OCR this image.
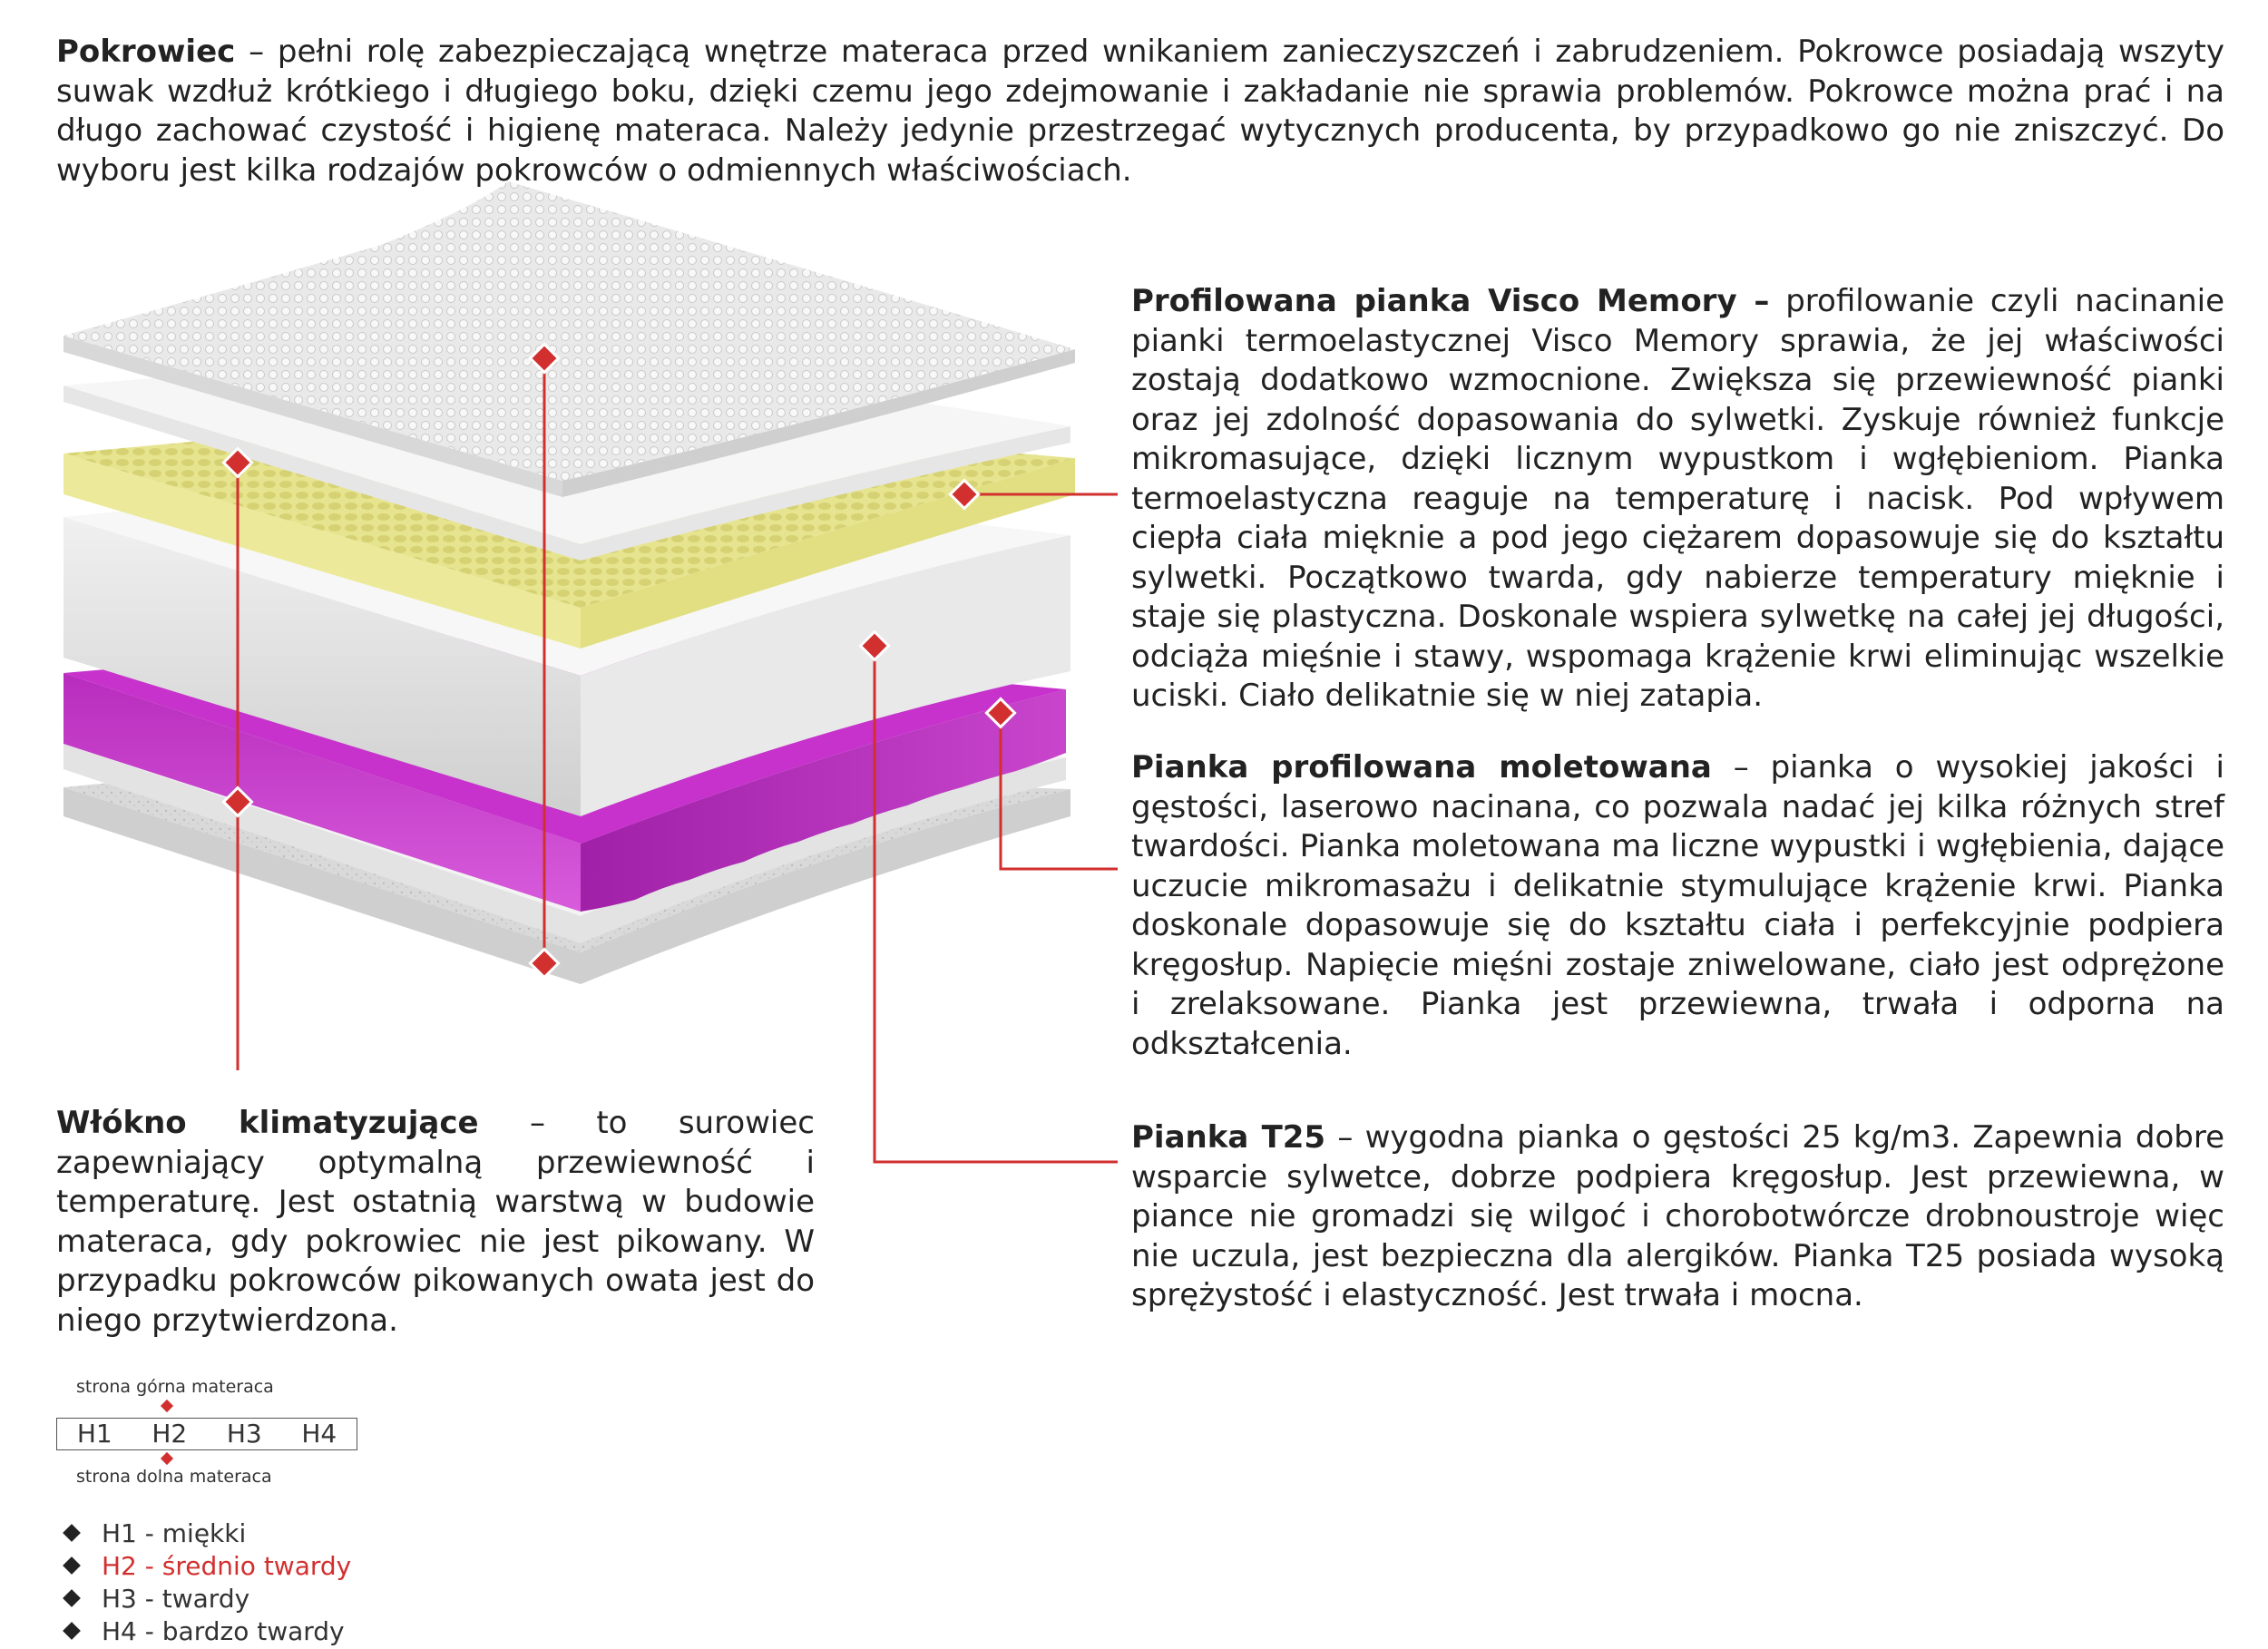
Pokrowiec – pełni rolę zabezpieczającą wnętrze materaca przed wnikaniem zanieczyszczeń i zabrudzeniem. Pokrowce posiadają wszyty suwak wzdłuż krótkiego i długiego boku, dzięki czemu jego zdejmowanie i zakładanie nie sprawia problemów. Pokrowce można prać i na długo zachować czystość i higienę materaca. Należy jedynie przestrzegać wytycznych producenta, by przypadkowo go nie zniszczyć. Do wyboru jest kilka rodzajów pokrowców o odmiennych właściwościach.
Profilowana pianka Visco Memory – profilowanie czyli nacinanie pianki termoelastycznej Visco Memory sprawia, że jej właściwości zostają dodatkowo wzmocnione. Zwiększa się przewiewność pianki oraz jej zdolność dopasowania do sylwetki. Zyskuje również funkcje mikromasujące, dzięki licznym wypustkom i wgłębieniom. Pianka termoelastyczna reaguje na temperaturę i nacisk. Pod wpływem ciepła ciała mięknie a pod jego ciężarem dopasowuje się do kształtu sylwetki. Początkowo twarda, gdy nabierze temperatury mięknie i staje się plastyczna. Doskonale wspiera sylwetkę na całej jej długości, odciąża mięśnie i stawy, wspomaga krążenie krwi eliminując wszelkie uciski. Ciało delikatnie się w niej zatapia.
Pianka profilowana moletowana – pianka o wysokiej jakości i gęstości, laserowo nacinana, co pozwala nadać jej kilka różnych stref twardości. Pianka moletowana ma liczne wypustki i wgłębienia, dające uczucie mikromasażu i delikatnie stymulujące krążenie krwi. Pianka doskonale dopasowuje się do kształtu ciała i perfekcyjnie podpiera kręgosłup. Napięcie mięśni zostaje zniwelowane, ciało jest odprężone i zrelaksowane. Pianka jest przewiewna, trwała i odporna na odkształcenia.
Pianka T25 – wygodna pianka o gęstości 25 kg/m3. Zapewnia dobre wsparcie sylwetce, dobrze podpiera kręgosłup. Jest przewiewna, w piance nie gromadzi się wilgoć i chorobotwórcze drobnoustroje więc nie uczula, jest bezpieczna dla alergików. Pianka T25 posiada wysoką sprężystość i elastyczność. Jest trwała i mocna.
Włókno klimatyzujące – to surowiec zapewniający optymalną przewiewność i temperaturę. Jest ostatnią warstwą w budowie materaca, gdy pokrowiec nie jest pikowany. W przypadku pokrowców pikowanych owata jest do niego przytwierdzona.
strona górna materaca
H1	H2	H3	H4
strona dolna materaca
H1 - miękki
H2 - średnio twardy
H3 - twardy
H4 - bardzo twardy
